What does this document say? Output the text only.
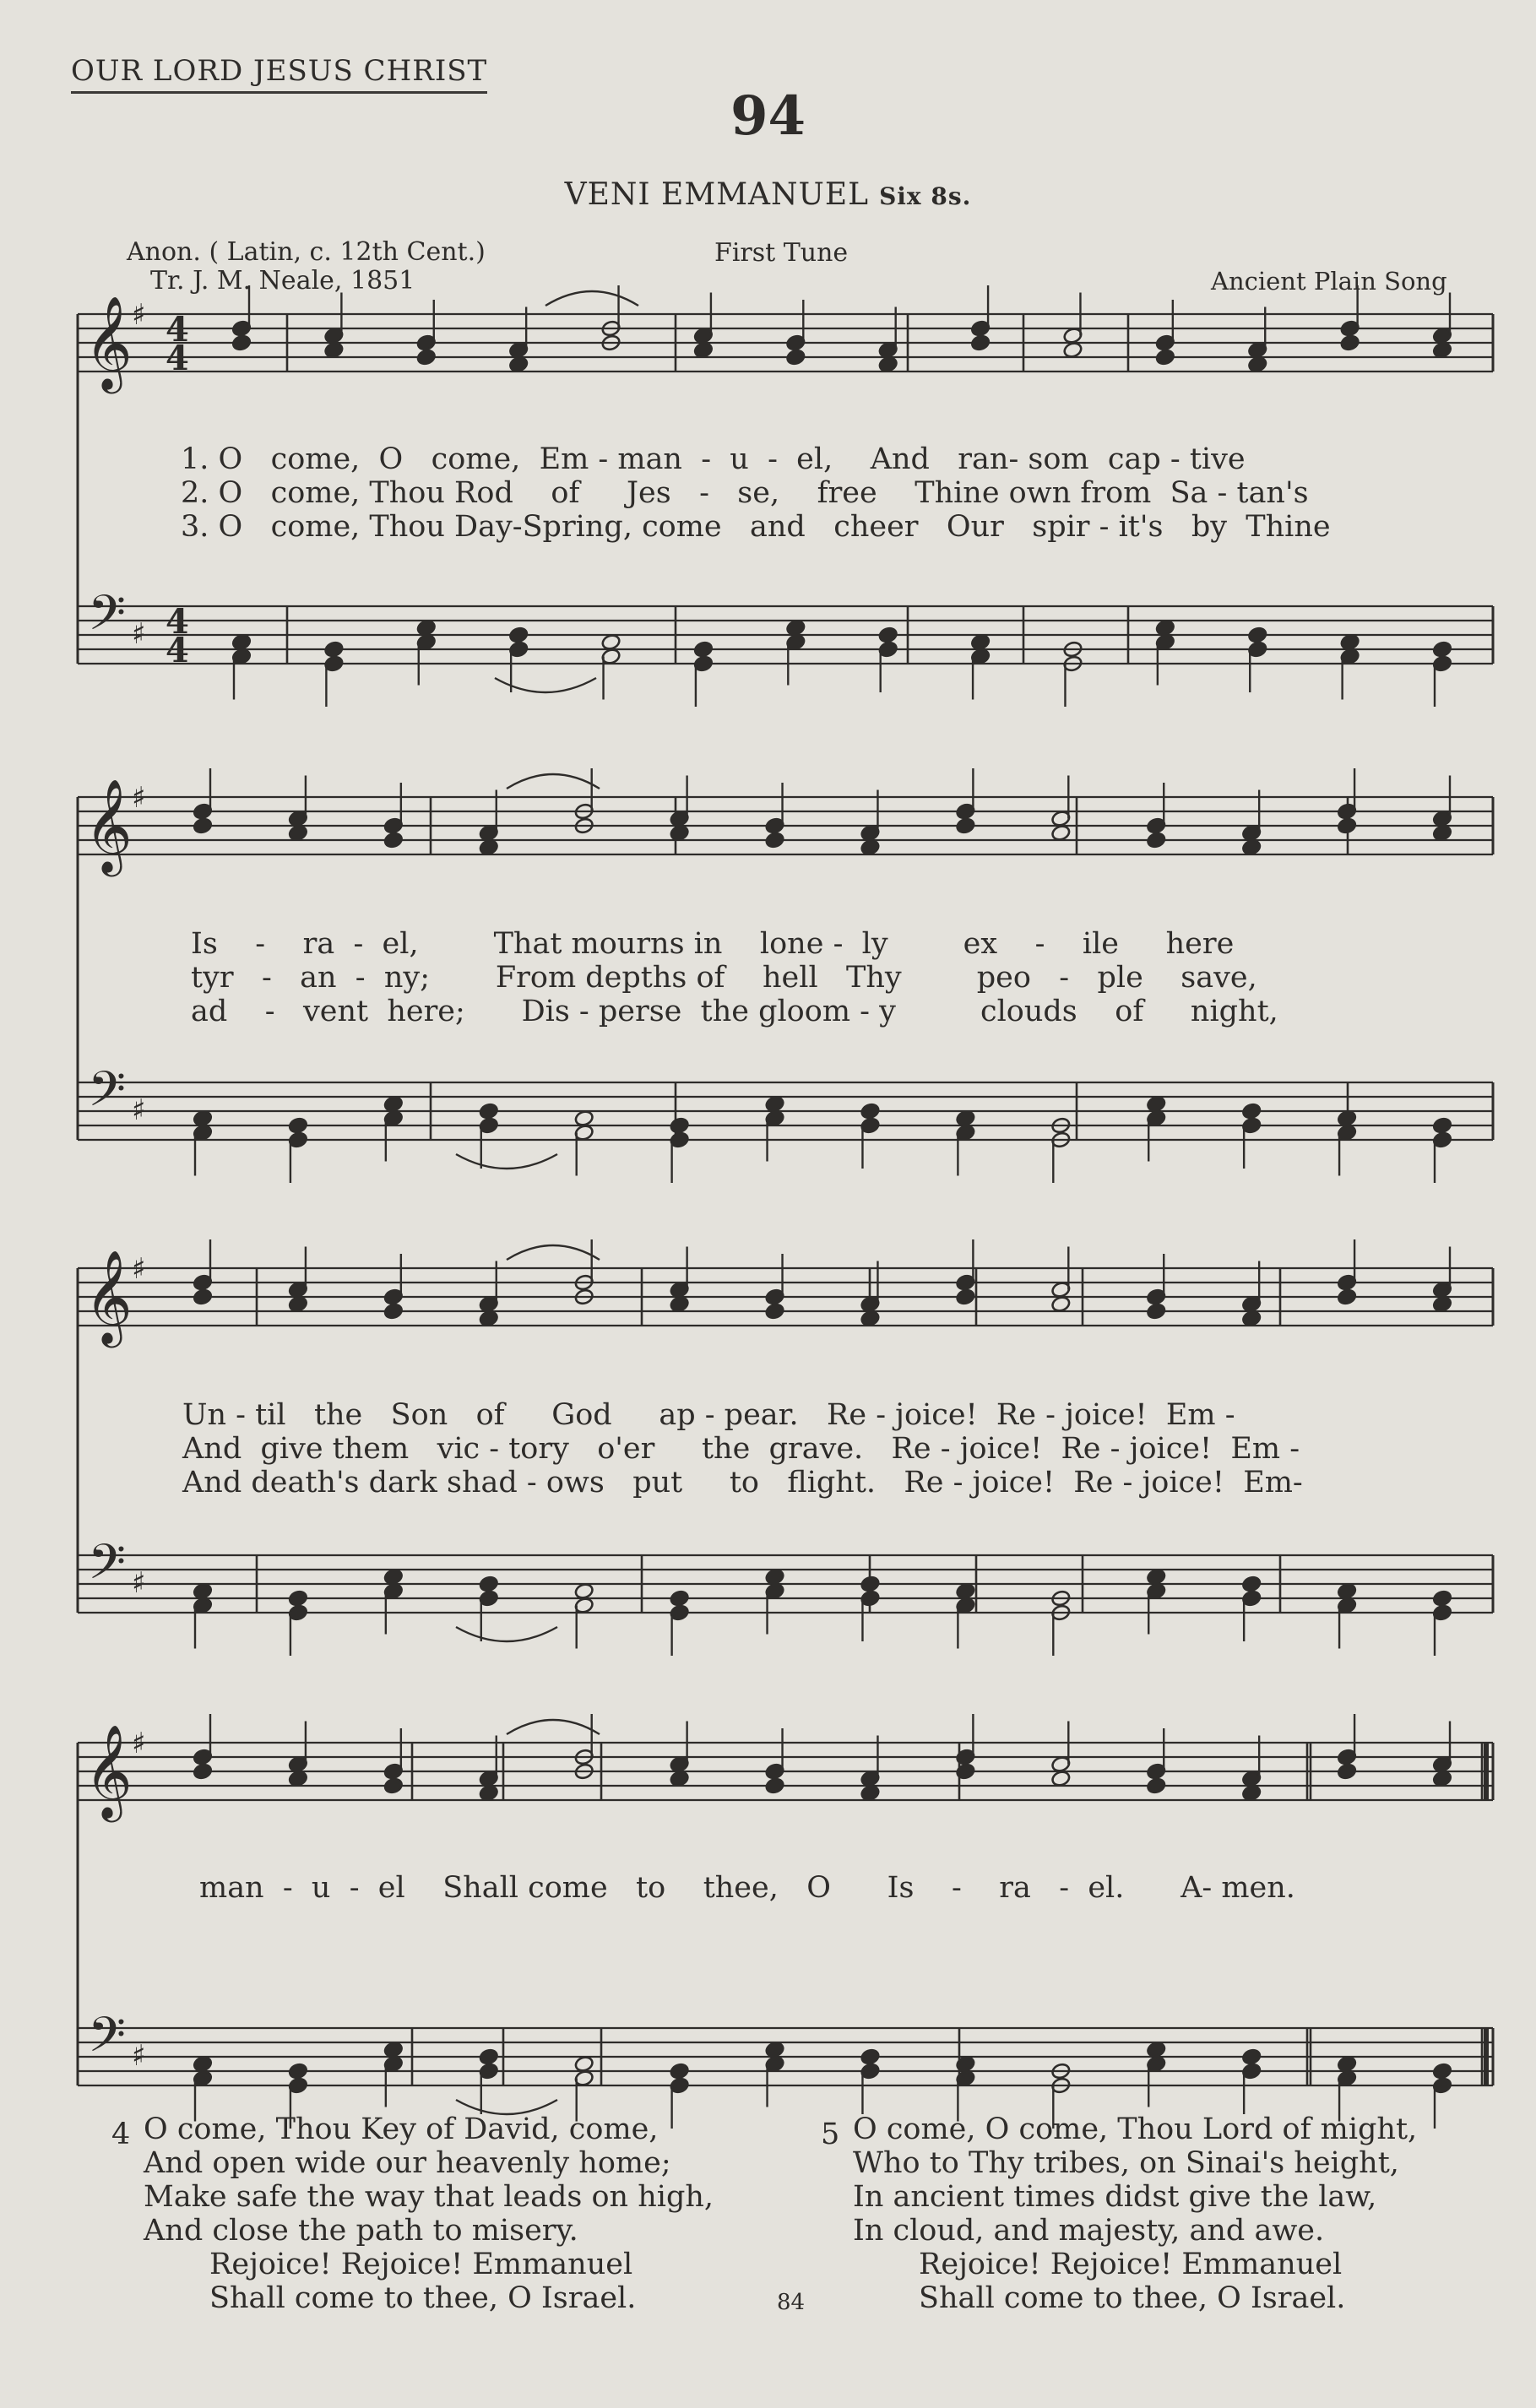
OUR LORD JESUS CHRIST
94
VENI EMMANUEL Six 8s.
Anon. ( Latin, c. 12th Cent.)
Tr. J. M. Neale, 1851
First Tune
Ancient Plain Song
𝄞
𝄢
♯
♯
4
4
4
4
𝄞
𝄢
♯
♯
𝄞
𝄢
♯
♯
𝄞
𝄢
♯
♯
1. O   come,  O   come,  Em - man  -  u  -  el,    And   ran- som  cap - tive
2. O   come, Thou Rod    of     Jes   -   se,    free    Thine own from  Sa - tan's
3. O   come, Thou Day-Spring, come   and   cheer   Our   spir - it's   by  Thine
Is    -    ra  -  el,        That mourns in    lone -  ly        ex    -    ile     here
tyr   -   an  -  ny;       From depths of    hell   Thy        peo   -   ple    save,
ad    -   vent  here;      Dis - perse  the gloom - y         clouds    of     night,
Un - til   the   Son   of     God     ap - pear.   Re - joice!  Re - joice!  Em -
And  give them   vic - tory   o'er     the  grave.   Re - joice!  Re - joice!  Em -
And death's dark shad - ows   put     to   flight.   Re - joice!  Re - joice!  Em-
man  -  u  -  el    Shall come   to    thee,   O      Is    -    ra   -  el.      A- men.
4 O come, Thou Key of David, come,
And open wide our heavenly home;
Make safe the way that leads on high,
And close the path to misery.
Rejoice! Rejoice! Emmanuel
Shall come to thee, O Israel.
5 O come, O come, Thou Lord of might,
Who to Thy tribes, on Sinai's height,
In ancient times didst give the law,
In cloud, and majesty, and awe.
Rejoice! Rejoice! Emmanuel
Shall come to thee, O Israel.
84
